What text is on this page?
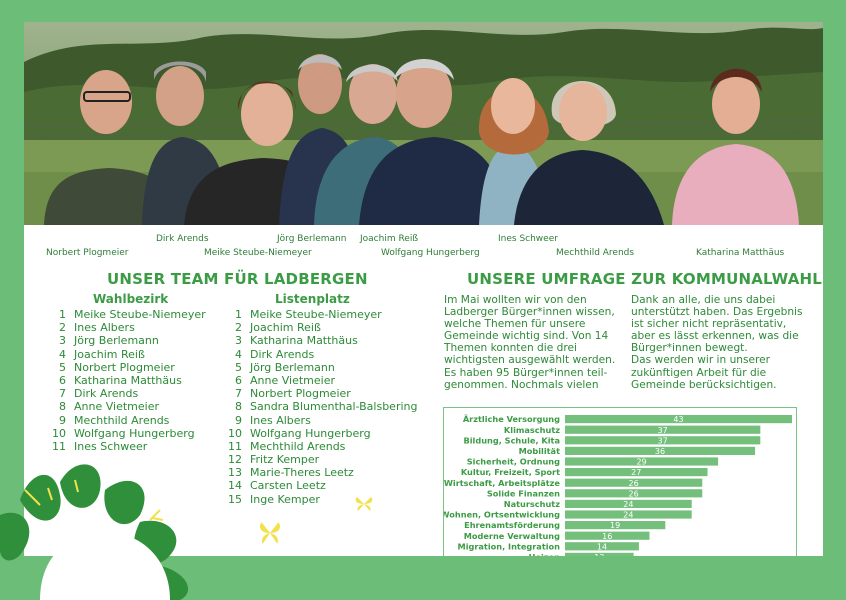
Norbert Plogmeier
Dirk Arends
Meike Steube-Niemeyer
Jörg Berlemann Joachim Reiß
Wolfgang Hungerberg
Ines Schweer
Mechthild Arends	Katharina Matthäus
UNSER TEAM FÜR LADBERGEN
Wahlbezirk	Listenplatz
1 Meike Steube-Niemeyer
2 Ines Albers
3 Jörg Berlemann
4 Joachim Reiß
5 Norbert Plogmeier
6 Katharina Matthäus
7 Dirk Arends
8 Anne Vietmeier
9 Mechthild Arends
10 Wolfgang Hungerberg
11 Ines Schweer
1 Meike Steube-Niemeyer
2 Joachim Reiß
3 Katharina Matthäus
4 Dirk Arends
5 Jörg Berlemann
6 Anne Vietmeier
7 Norbert Plogmeier
8 Sandra Blumenthal-Balsbering
9 Ines Albers
10 Wolfgang Hungerberg
11 Mechthild Arends
12 Fritz Kemper
13 Marie-Theres Leetz
14 Carsten Leetz
15 Inge Kemper
UNSERE UMFRAGE ZUR KOMMUNALWAHL
Im Mai wollten wir von den
Ladberger Bürger*innen wissen,
welche Themen für unsere
Gemeinde wichtig sind. Von 14
Themen konnten die drei
wichtigsten ausgewählt werden.
Es haben 95 Bürger*innen teil-
genommen. Nochmals vielen
Dank an alle, die uns dabei
unterstützt haben. Das Ergebnis
ist sicher nicht repräsentativ,
aber es lässt erkennen, was die
Bürger*innen bewegt.
Das werden wir in unserer
zukünftigen Arbeit für die
Gemeinde berücksichtigen.
Ärztliche Versorgung	43
Klimaschutz	37
Bildung, Schule, Kita	37
Mobilität	36
Sicherheit, Ordnung	29
Kultur, Freizeit, Sport	27
Wirtschaft, Arbeitsplätze	26
Solide Finanzen	26
Naturschutz	24
Wohnen, Ortsentwicklung	24
Ehrenamtsförderung	19
Moderne Verwaltung	16
Migration, Integration	14
